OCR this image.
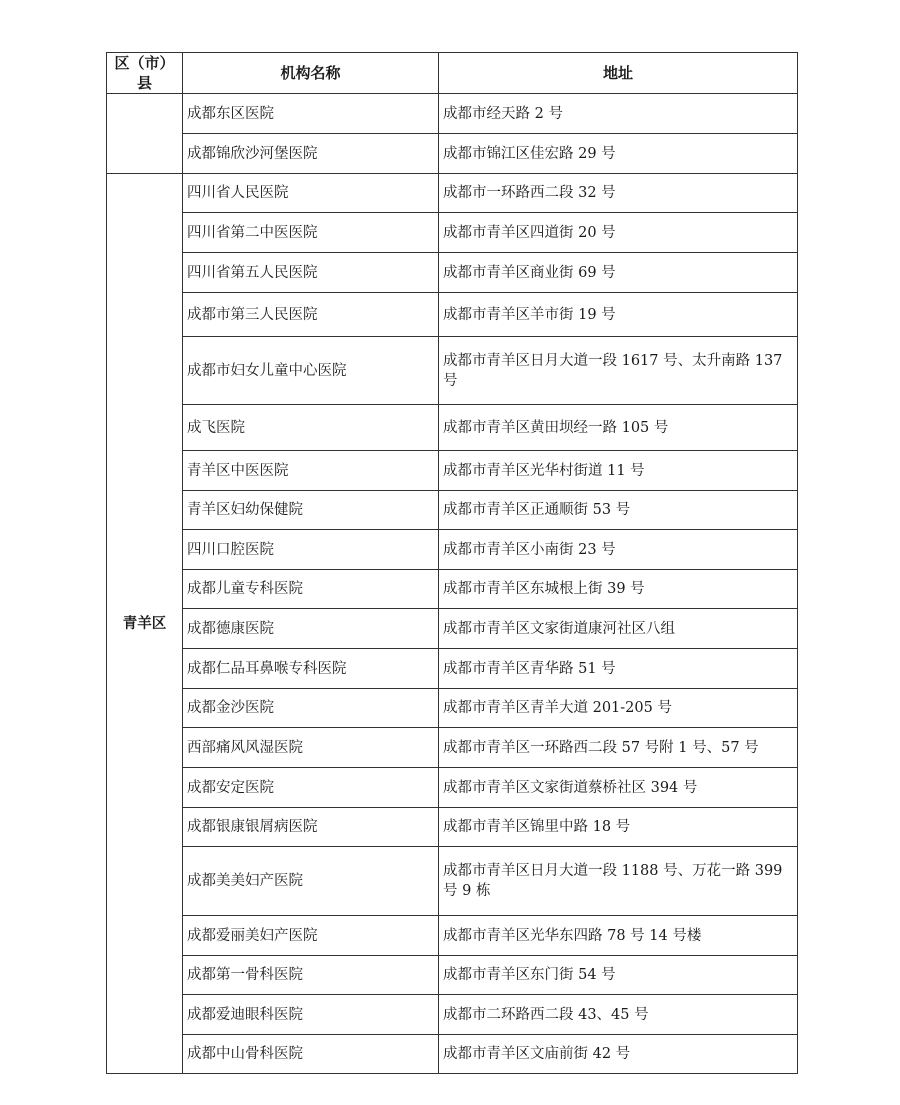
区（市）县	机构名称	地址
	成都东区医院	成都市经天路 2 号
	成都锦欣沙河堡医院	成都市锦江区佳宏路 29 号
青羊区	四川省人民医院	成都市一环路西二段 32 号
	四川省第二中医医院	成都市青羊区四道街 20 号
	四川省第五人民医院	成都市青羊区商业街 69 号
	成都市第三人民医院	成都市青羊区羊市街 19 号
	成都市妇女儿童中心医院	成都市青羊区日月大道一段 1617 号、太升南路 137 号
	成飞医院	成都市青羊区黄田坝经一路 105 号
	青羊区中医医院	成都市青羊区光华村街道 11 号
	青羊区妇幼保健院	成都市青羊区正通顺街 53 号
	四川口腔医院	成都市青羊区小南街 23 号
	成都儿童专科医院	成都市青羊区东城根上街 39 号
	成都德康医院	成都市青羊区文家街道康河社区八组
	成都仁品耳鼻喉专科医院	成都市青羊区青华路 51 号
	成都金沙医院	成都市青羊区青羊大道 201-205 号
	西部痛风风湿医院	成都市青羊区一环路西二段 57 号附 1 号、57 号
	成都安定医院	成都市青羊区文家街道蔡桥社区 394 号
	成都银康银屑病医院	成都市青羊区锦里中路 18 号
	成都美美妇产医院	成都市青羊区日月大道一段 1188 号、万花一路 399 号 9 栋
	成都爱丽美妇产医院	成都市青羊区光华东四路 78 号 14 号楼
	成都第一骨科医院	成都市青羊区东门街 54 号
	成都爱迪眼科医院	成都市二环路西二段 43、45 号
	成都中山骨科医院	成都市青羊区文庙前街 42 号
